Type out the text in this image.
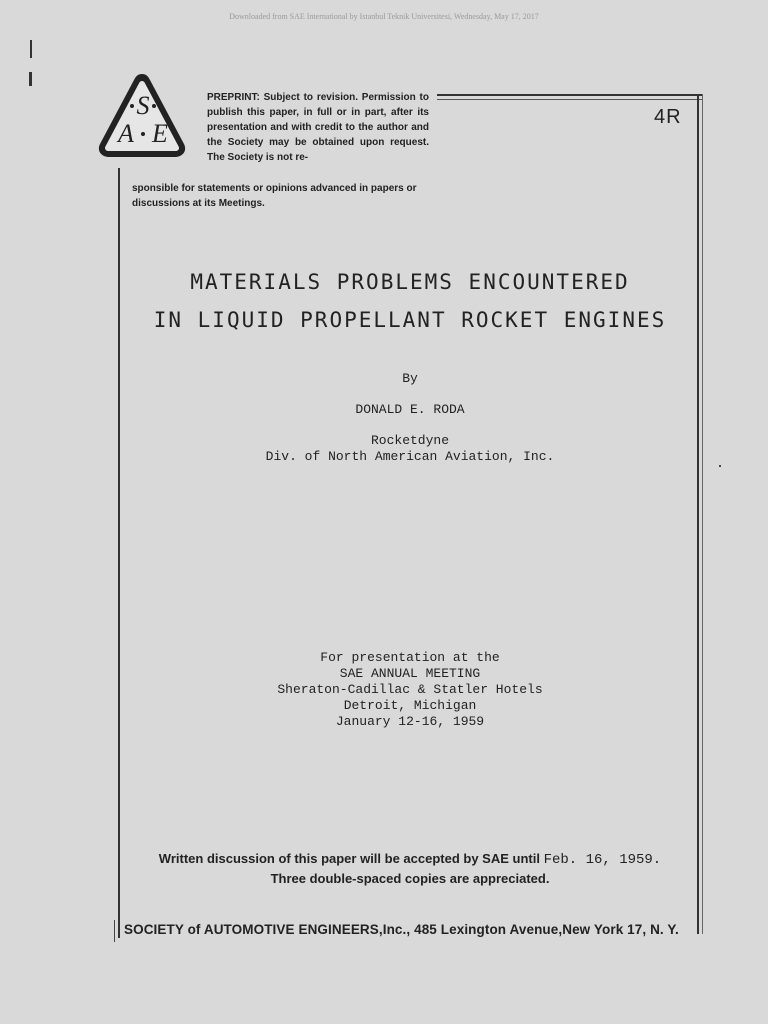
Downloaded from SAE International by Istanbul Teknik Universitesi, Wednesday, May 17, 2017
S
A E
PREPRINT: Subject to revision. Permission to publish this paper, in full or in part, after its presentation and with credit to the author and the Society may be obtained upon request. The Society is not re-
sponsible for statements or opinions advanced in papers or discussions at its Meetings.
4R
MATERIALS PROBLEMS ENCOUNTERED
IN LIQUID PROPELLANT ROCKET ENGINES
By
DONALD E. RODA
Rocketdyne
Div. of North American Aviation, Inc.
For presentation at the
SAE ANNUAL MEETING
Sheraton-Cadillac & Statler Hotels
Detroit, Michigan
January 12-16, 1959
Written discussion of this paper will be accepted by SAE until Feb. 16, 1959.
Three double-spaced copies are appreciated.
SOCIETY of AUTOMOTIVE ENGINEERS,Inc., 485 Lexington Avenue,New York 17, N. Y.
